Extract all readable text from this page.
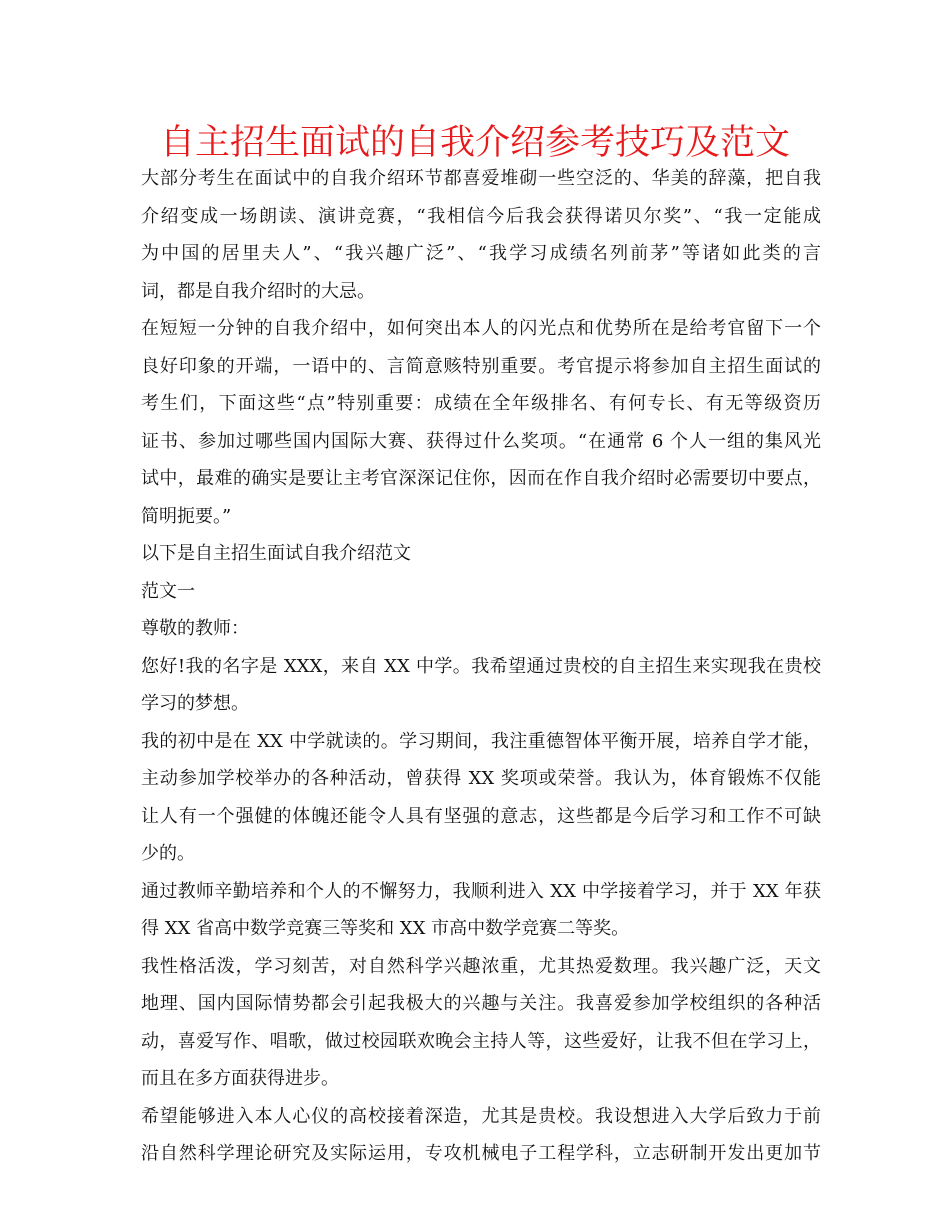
自主招生面试的自我介绍参考技巧及范文
大部分考生在面试中的自我介绍环节都喜爱堆砌一些空泛的、华美的辞藻，把自我
介绍变成一场朗读、演讲竞赛，“我相信今后我会获得诺贝尔奖”、“我一定能成
为中国的居里夫人”、“我兴趣广泛”、“我学习成绩名列前茅”等诸如此类的言
词，都是自我介绍时的大忌。
在短短一分钟的自我介绍中，如何突出本人的闪光点和优势所在是给考官留下一个
良好印象的开端，一语中的、言简意赅特别重要。考官提示将参加自主招生面试的
考生们，下面这些“点”特别重要：成绩在全年级排名、有何专长、有无等级资历
证书、参加过哪些国内国际大赛、获得过什么奖项。“在通常 6 个人一组的集风光
试中，最难的确实是要让主考官深深记住你，因而在作自我介绍时必需要切中要点，
简明扼要。”
以下是自主招生面试自我介绍范文
范文一
尊敬的教师：
您好!我的名字是 XXX，来自 XX 中学。我希望通过贵校的自主招生来实现我在贵校
学习的梦想。
我的初中是在 XX 中学就读的。学习期间，我注重德智体平衡开展，培养自学才能，
主动参加学校举办的各种活动，曾获得 XX 奖项或荣誉。我认为，体育锻炼不仅能
让人有一个强健的体魄还能令人具有坚强的意志，这些都是今后学习和工作不可缺
少的。
通过教师辛勤培养和个人的不懈努力，我顺利进入 XX 中学接着学习，并于 XX 年获
得 XX 省高中数学竞赛三等奖和 XX 市高中数学竞赛二等奖。
我性格活泼，学习刻苦，对自然科学兴趣浓重，尤其热爱数理。我兴趣广泛，天文
地理、国内国际情势都会引起我极大的兴趣与关注。我喜爱参加学校组织的各种活
动，喜爱写作、唱歌，做过校园联欢晚会主持人等，这些爱好，让我不但在学习上，
而且在多方面获得进步。
希望能够进入本人心仪的高校接着深造，尤其是贵校。我设想进入大学后致力于前
沿自然科学理论研究及实际运用，专攻机械电子工程学科，立志研制开发出更加节
